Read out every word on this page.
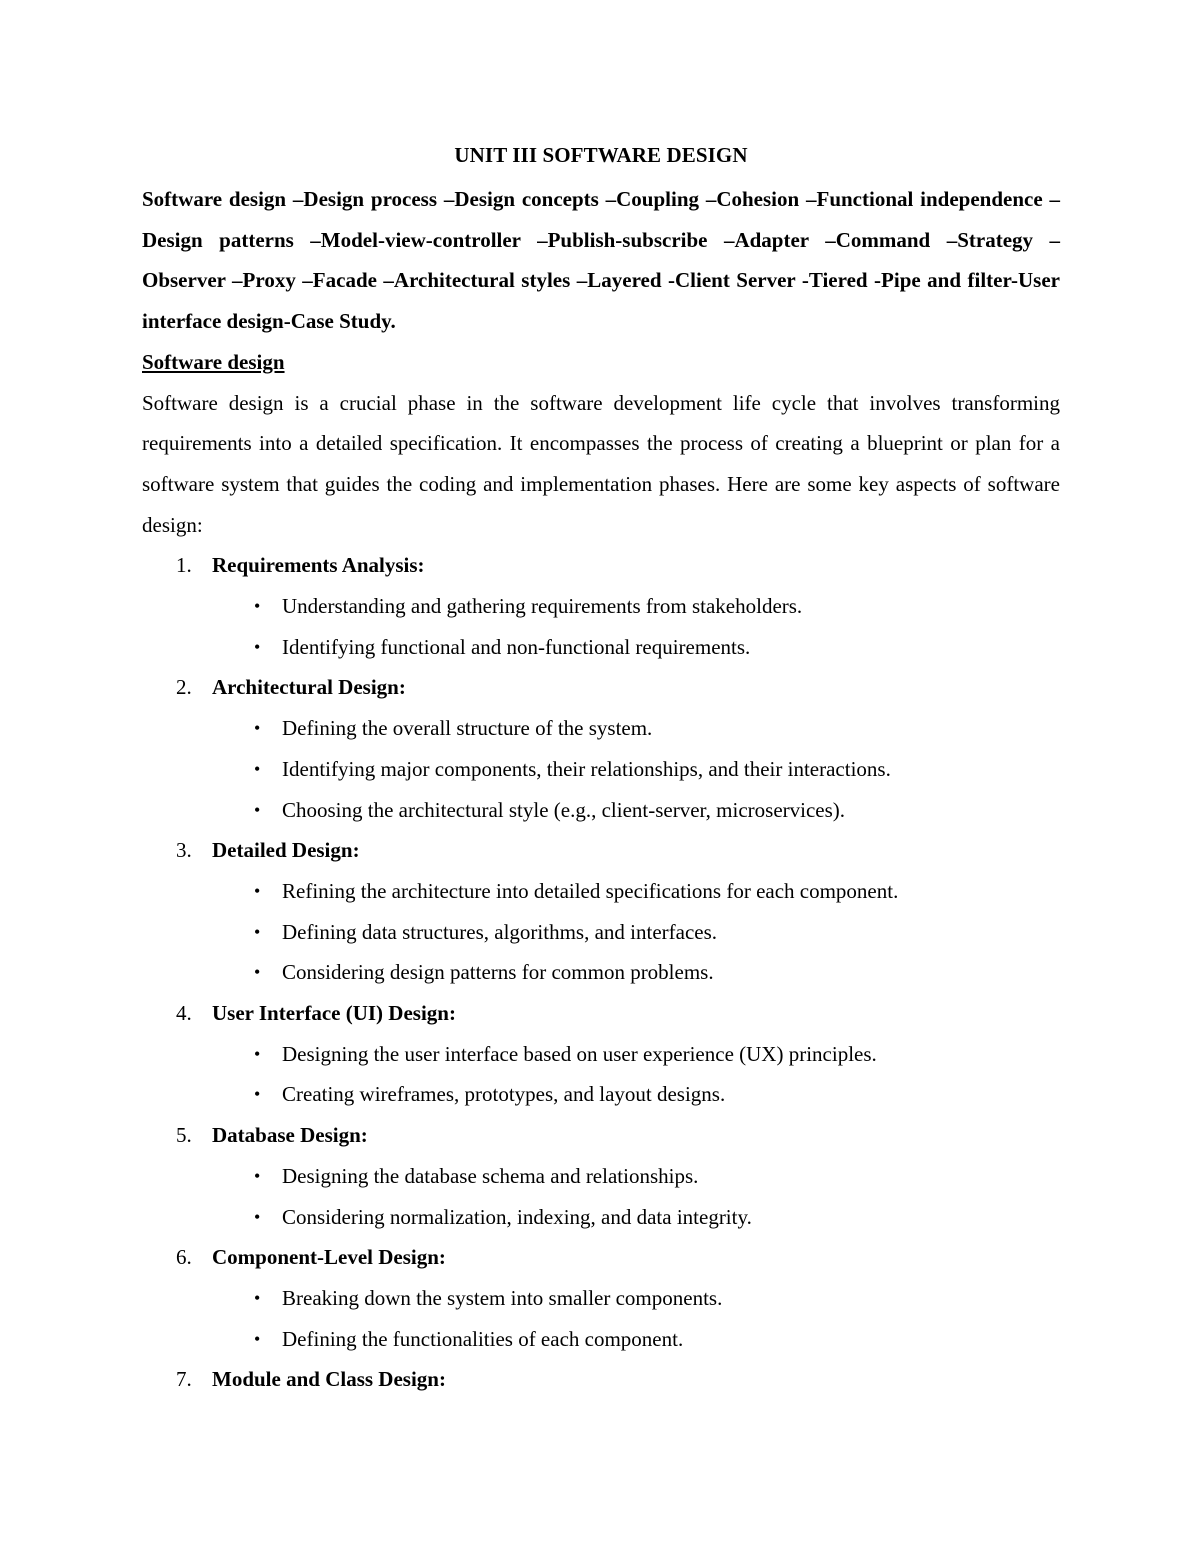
UNIT III SOFTWARE DESIGN

Software design –Design process –Design concepts –Coupling –Cohesion –Functional independence –Design patterns –Model-view-controller –Publish-subscribe –Adapter –Command –Strategy –Observer –Proxy –Facade –Architectural styles –Layered -Client Server -Tiered -Pipe and filter-User interface design-Case Study.

Software design

Software design is a crucial phase in the software development life cycle that involves transforming requirements into a detailed specification. It encompasses the process of creating a blueprint or plan for a software system that guides the coding and implementation phases. Here are some key aspects of software design:

1. Requirements Analysis:
•	Understanding and gathering requirements from stakeholders.
•	Identifying functional and non-functional requirements.
2. Architectural Design:
•	Defining the overall structure of the system.
•	Identifying major components, their relationships, and their interactions.
•	Choosing the architectural style (e.g., client-server, microservices).
3. Detailed Design:
•	Refining the architecture into detailed specifications for each component.
•	Defining data structures, algorithms, and interfaces.
•	Considering design patterns for common problems.
4. User Interface (UI) Design:
•	Designing the user interface based on user experience (UX) principles.
•	Creating wireframes, prototypes, and layout designs.
5. Database Design:
•	Designing the database schema and relationships.
•	Considering normalization, indexing, and data integrity.
6. Component-Level Design:
•	Breaking down the system into smaller components.
•	Defining the functionalities of each component.
7. Module and Class Design:
